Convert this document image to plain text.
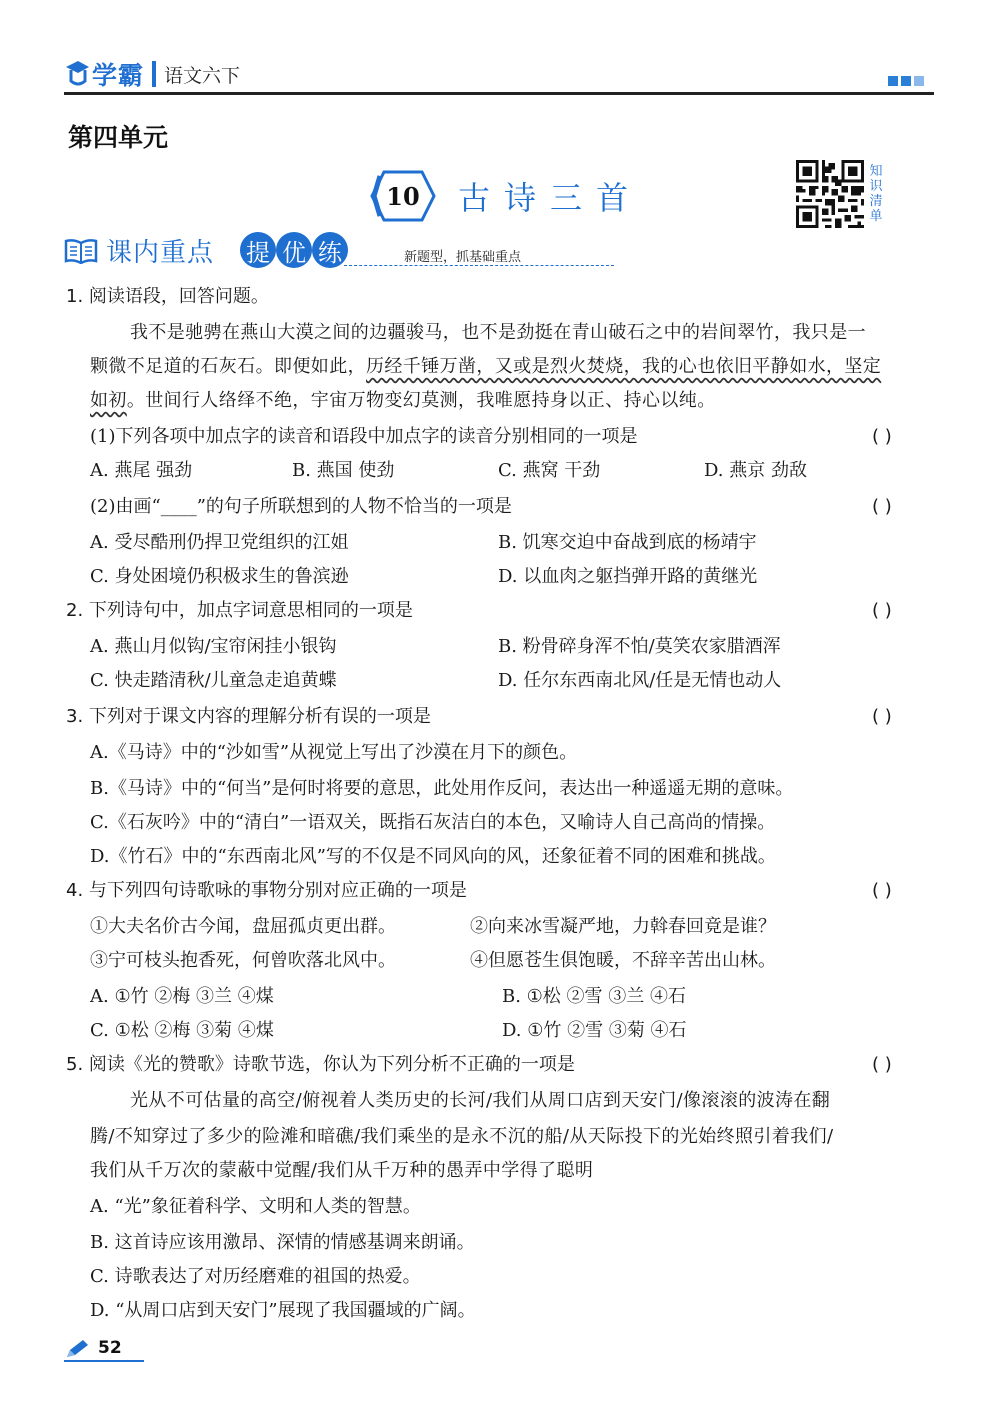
学霸 语文六下
第四单元
10	古诗三首
知识清单
课内重点 提 优 练	新题型，抓基础重点
1. 阅读语段，回答问题。
我不是驰骋在燕山大漠之间的边疆骏马，也不是劲挺在青山破石之中的岩间翠竹，我只是一
颗微不足道的石灰石。即便如此，历经千锤万凿，又或是烈火焚烧，我的心也依旧平静如水，坚定
如初。世间行人络绎不绝，宇宙万物变幻莫测，我唯愿持身以正、持心以纯。
(1)下列各项中加点字的读音和语段中加点字的读音分别相同的一项是	( )
A. 燕尾 强劲	B. 燕国 使劲	C. 燕窝 干劲	D. 燕京 劲敌
(2)由画“____”的句子所联想到的人物不恰当的一项是	( )
A. 受尽酷刑仍捍卫党组织的江姐	B. 饥寒交迫中奋战到底的杨靖宇
C. 身处困境仍积极求生的鲁滨逊	D. 以血肉之躯挡弹开路的黄继光
2. 下列诗句中，加点字词意思相同的一项是	( )
A. 燕山月似钩/宝帘闲挂小银钩	B. 粉骨碎身浑不怕/莫笑农家腊酒浑
C. 快走踏清秋/儿童急走追黄蝶	D. 任尔东西南北风/任是无情也动人
3. 下列对于课文内容的理解分析有误的一项是	( )
A.《马诗》中的“沙如雪”从视觉上写出了沙漠在月下的颜色。
B.《马诗》中的“何当”是何时将要的意思，此处用作反问，表达出一种遥遥无期的意味。
C.《石灰吟》中的“清白”一语双关，既指石灰洁白的本色，又喻诗人自己高尚的情操。
D.《竹石》中的“东西南北风”写的不仅是不同风向的风，还象征着不同的困难和挑战。
4. 与下列四句诗歌咏的事物分别对应正确的一项是	( )
①大夫名价古今闻，盘屈孤贞更出群。	②向来冰雪凝严地，力斡春回竟是谁？
③宁可枝头抱香死，何曾吹落北风中。	④但愿苍生俱饱暖，不辞辛苦出山林。
A. ①竹 ②梅 ③兰 ④煤	B. ①松 ②雪 ③兰 ④石
C. ①松 ②梅 ③菊 ④煤	D. ①竹 ②雪 ③菊 ④石
5. 阅读《光的赞歌》诗歌节选，你认为下列分析不正确的一项是	( )
光从不可估量的高空/俯视着人类历史的长河/我们从周口店到天安门/像滚滚的波涛在翻
腾/不知穿过了多少的险滩和暗礁/我们乘坐的是永不沉的船/从天际投下的光始终照引着我们/
我们从千万次的蒙蔽中觉醒/我们从千万种的愚弄中学得了聪明
A. “光”象征着科学、文明和人类的智慧。
B. 这首诗应该用激昂、深情的情感基调来朗诵。
C. 诗歌表达了对历经磨难的祖国的热爱。
D. “从周口店到天安门”展现了我国疆域的广阔。
52
